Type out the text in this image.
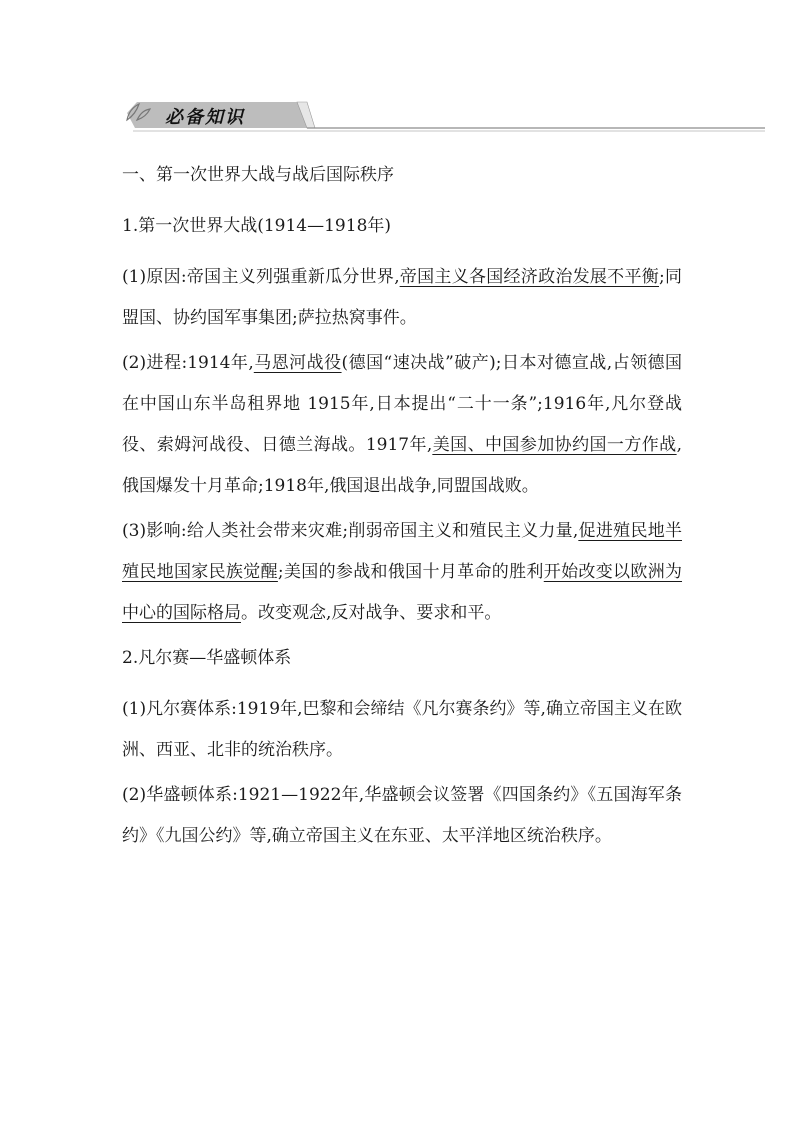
必备知识

一、第一次世界大战与战后国际秩序

1.第一次世界大战(1914—1918年)

(1)原因:帝国主义列强重新瓜分世界,帝国主义各国经济政治发展不平衡;同盟国、协约国军事集团;萨拉热窝事件。

(2)进程:1914年,马恩河战役(德国“速决战”破产);日本对德宣战,占领德国在中国山东半岛租界地 1915年,日本提出“二十一条”;1916年,凡尔登战役、索姆河战役、日德兰海战。1917年,美国、中国参加协约国一方作战,俄国爆发十月革命;1918年,俄国退出战争,同盟国战败。

(3)影响:给人类社会带来灾难;削弱帝国主义和殖民主义力量,促进殖民地半殖民地国家民族觉醒;美国的参战和俄国十月革命的胜利开始改变以欧洲为中心的国际格局。改变观念,反对战争、要求和平。

2.凡尔赛—华盛顿体系

(1)凡尔赛体系:1919年,巴黎和会缔结《凡尔赛条约》等,确立帝国主义在欧洲、西亚、北非的统治秩序。

(2)华盛顿体系:1921—1922年,华盛顿会议签署《四国条约》《五国海军条约》《九国公约》等,确立帝国主义在东亚、太平洋地区统治秩序。
